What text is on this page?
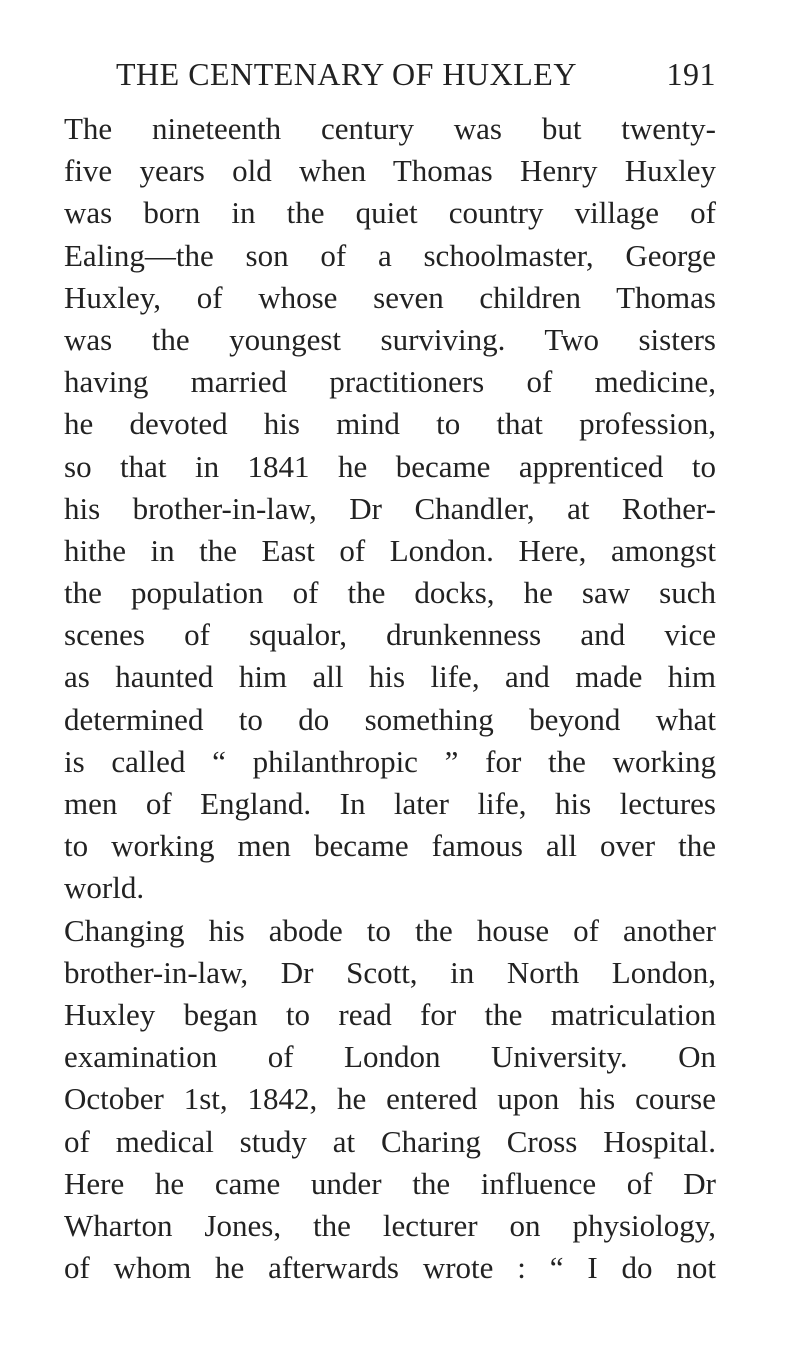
THE CENTENARY OF HUXLEY	191
The nineteenth century was but twenty-
five years old when Thomas Henry Huxley
was born in the quiet country village of
Ealing—the son of a schoolmaster, George
Huxley, of whose seven children Thomas
was the youngest surviving. Two sisters
having married practitioners of medicine,
he devoted his mind to that profession,
so that in 1841 he became apprenticed to
his brother-in-law, Dr Chandler, at Rother-
hithe in the East of London. Here, amongst
the population of the docks, he saw such
scenes of squalor, drunkenness and vice
as haunted him all his life, and made him
determined to do something beyond what
is called “ philanthropic ” for the working
men of England. In later life, his lectures
to working men became famous all over the
world.
Changing his abode to the house of another
brother-in-law, Dr Scott, in North London,
Huxley began to read for the matriculation
examination of London University. On
October 1st, 1842, he entered upon his course
of medical study at Charing Cross Hospital.
Here he came under the influence of Dr
Wharton Jones, the lecturer on physiology,
of whom he afterwards wrote : “ I do not
